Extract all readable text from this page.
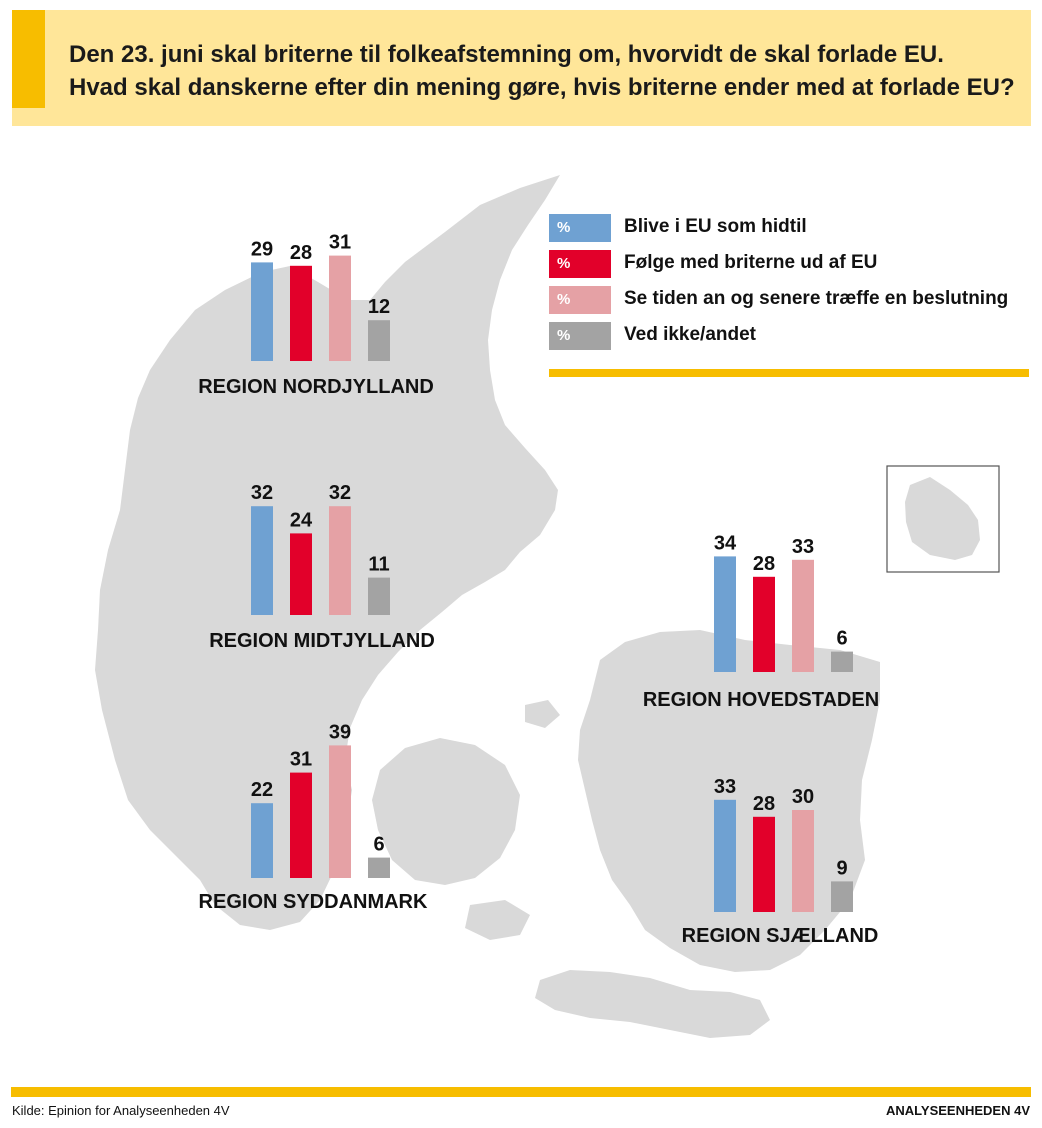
Den 23. juni skal briterne til folkeafstemning om, hvorvidt de skal forlade EU.
Hvad skal danskerne efter din mening gøre, hvis briterne ender med at forlade EU?
29 28 31
12
REGION NORDJYLLAND
32
24
32
11
REGION MIDTJYLLAND
22
31
39
6
REGION SYDDANMARK
34
28
33
6
REGION HOVEDSTADEN
33
28 30
9
REGION SJÆLLAND
%	Blive i EU som hidtil
%	Følge med briterne ud af EU
%	Se tiden an og senere træffe en beslutning
%	Ved ikke/andet
Kilde: Epinion for Analyseenheden 4V	ANALYSEENHEDEN 4V
